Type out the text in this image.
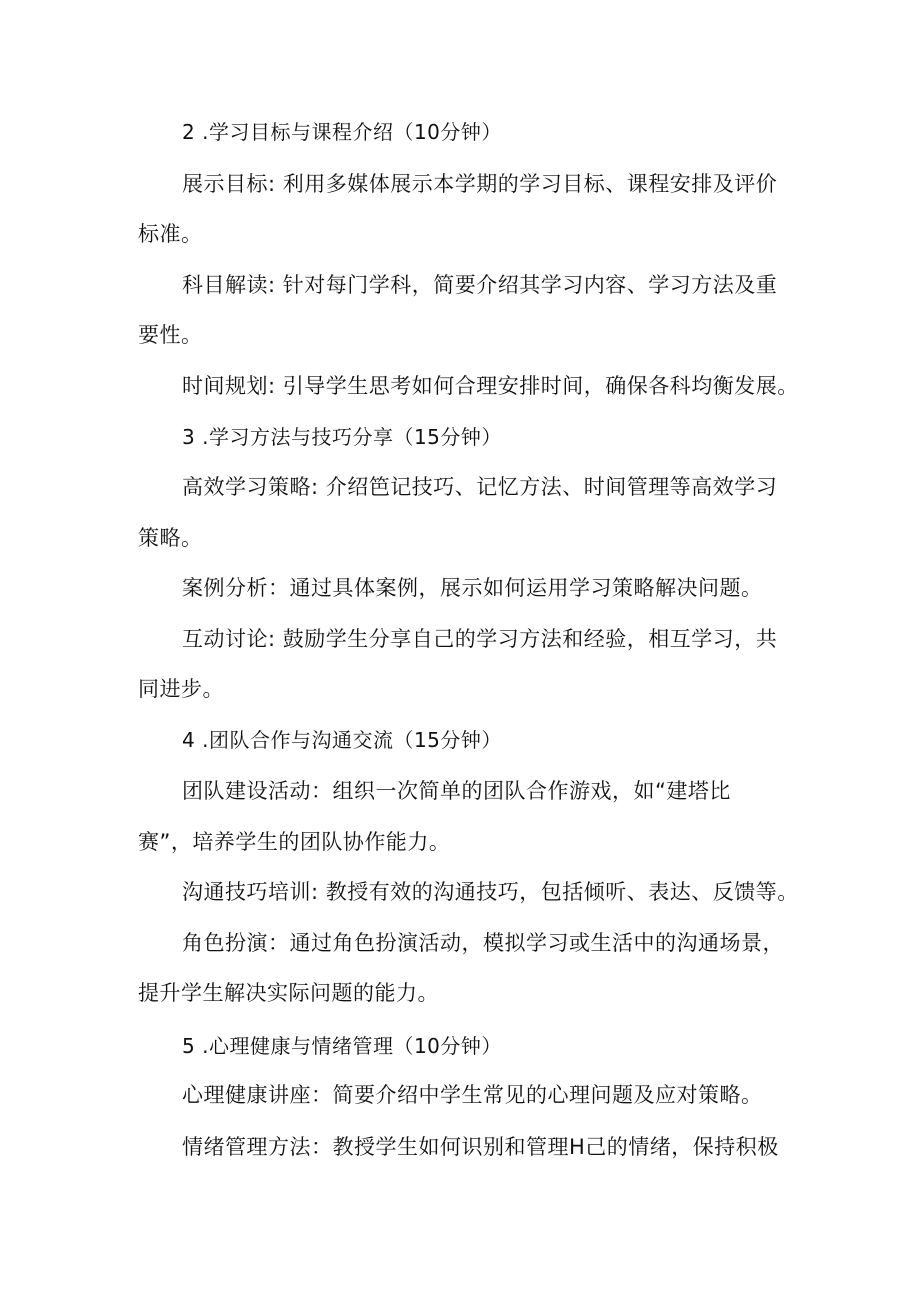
2 .学习目标与课程介绍（10分钟）
展示目标: 利用多媒体展示本学期的学习目标、课程安排及评价
标准。
科目解读: 针对每门学科，简要介绍其学习内容、学习方法及重
要性。
时间规划: 引导学生思考如何合理安排时间，确保各科均衡发展。
3 .学习方法与技巧分享（15分钟）
高效学习策略: 介绍笆记技巧、记忆方法、时间管理等高效学习
策略。
案例分析：通过具体案例，展示如何运用学习策略解决问题。
互动讨论: 鼓励学生分享自己的学习方法和经验，相互学习，共
同进步。
4 .团队合作与沟通交流（15分钟）
团队建设活动：组织一次简单的团队合作游戏，如“建塔比
赛”，培养学生的团队协作能力。
沟通技巧培训: 教授有效的沟通技巧，包括倾听、表达、反馈等。
角色扮演：通过角色扮演活动，模拟学习或生活中的沟通场景，
提升学生解决实际问题的能力。
5 .心理健康与情绪管理（10分钟）
心理健康讲座：简要介绍中学生常见的心理问题及应对策略。
情绪管理方法：教授学生如何识别和管理H己的情绪，保持积极
